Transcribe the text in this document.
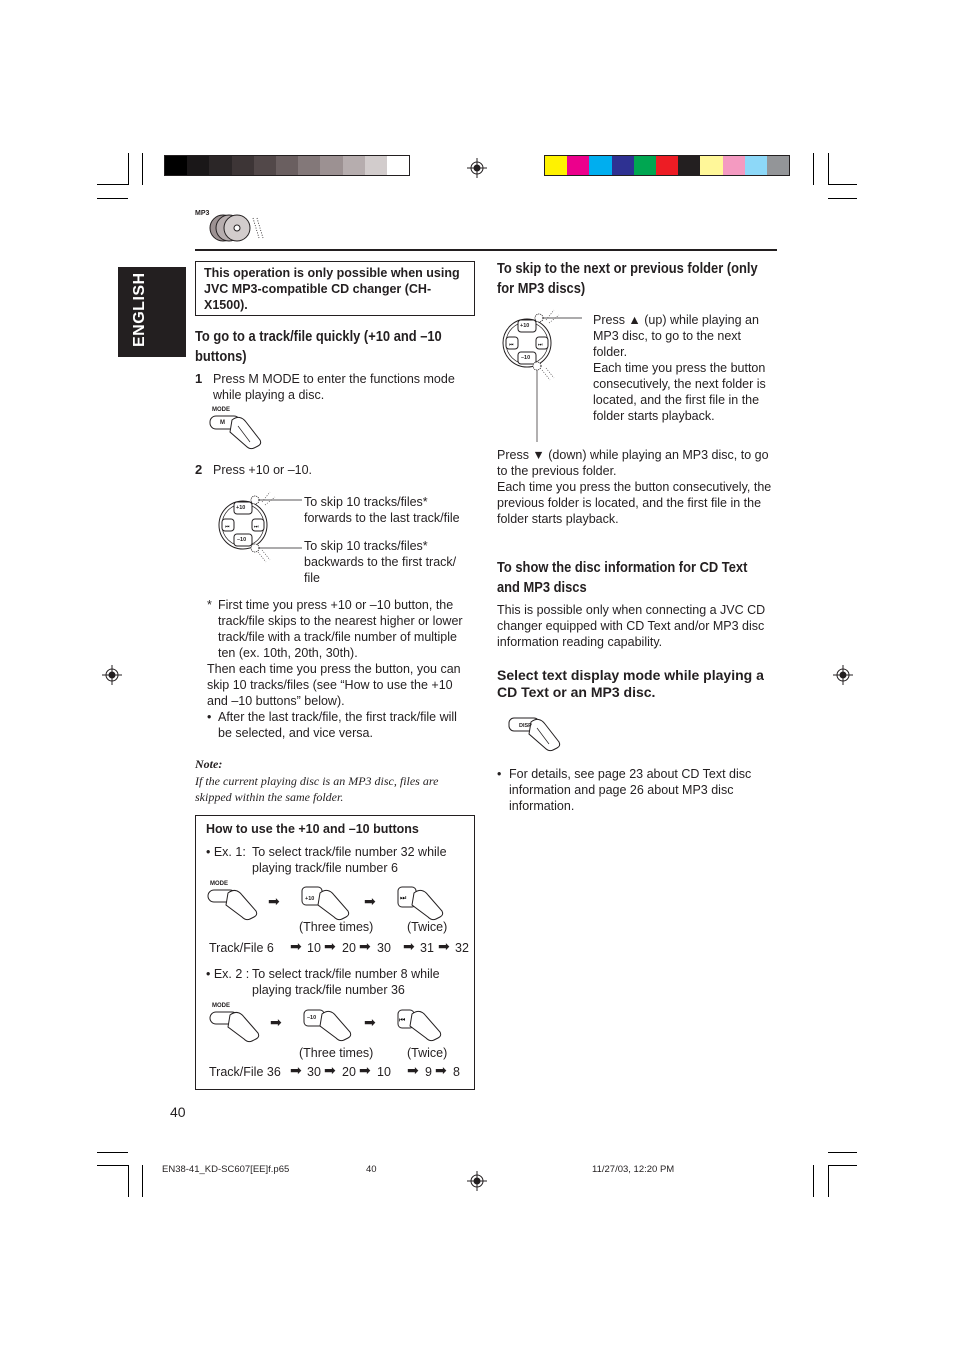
MP3
ENGLISH	This operation is only possible when using JVC MP3-compatible CD changer (CH-X1500).
To go to a track/file quickly (+10 and –10 buttons)
1 Press M MODE to enter the functions mode while playing a disc.
MODE
M
2 Press +10 or –10.
⏮	⏭
+10
–10
To skip 10 tracks/files* forwards to the last track/file
To skip 10 tracks/files* backwards to the first track/ file
* First time you press +10 or –10 button, the track/file skips to the nearest higher or lower track/file with a track/file number of multiple ten (ex. 10th, 20th, 30th).
Then each time you press the button, you can skip 10 tracks/files (see “How to use the +10 and –10 buttons” below).
• After the last track/file, the first track/file will be selected, and vice versa.
Note:
If the current playing disc is an MP3 disc, files are skipped within the same folder.
How to use the +10 and –10 buttons
• Ex. 1: To select track/file number 32 while playing track/file number 6
MODE
➡	+10	➡	⏭
(Three times)	(Twice)
Track/File 6 ➡ 10 ➡ 20 ➡ 30 ➡ 31 ➡ 32
• Ex. 2 : To select track/file number 8 while playing track/file number 36
MODE
➡	–10	➡	⏮
(Three times)	(Twice)
Track/File 36 ➡ 30 ➡ 20 ➡ 10 ➡ 9 ➡ 8
To skip to the next or previous folder (only for MP3 discs)
⏮	⏭
+10
–10
Press ▲ (up) while playing an MP3 disc, to go to the next folder.
Each time you press the button consecutively, the next folder is located, and the first file in the folder starts playback.
Press ▼ (down) while playing an MP3 disc, to go to the previous folder.
Each time you press the button consecutively, the previous folder is located, and the first file in the folder starts playback.
To show the disc information for CD Text and MP3 discs
This is possible only when connecting a JVC CD changer equipped with CD Text and/or MP3 disc information reading capability.
Select text display mode while playing a CD Text or an MP3 disc.
DISP
• For details, see page 23 about CD Text disc information and page 26 about MP3 disc information.
40
EN38-41_KD-SC607[EE]f.p65	40	11/27/03, 12:20 PM
